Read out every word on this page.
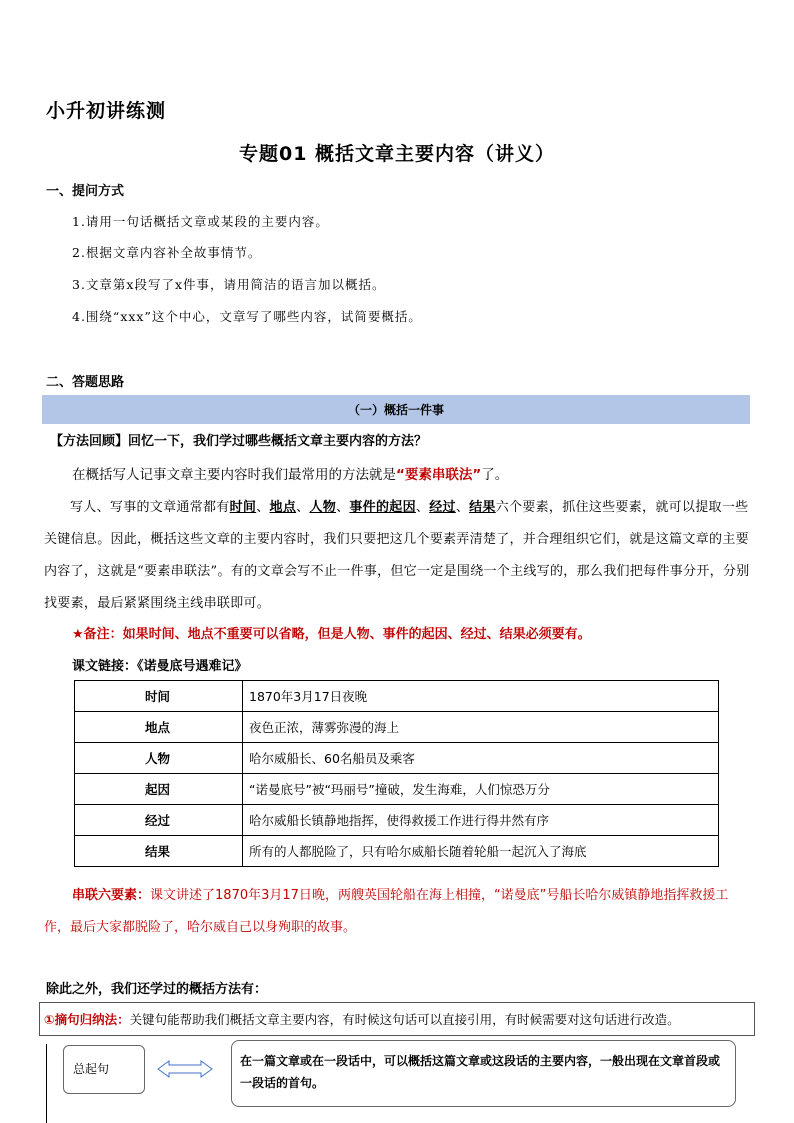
小升初讲练测
专题01 概括文章主要内容（讲义）
一、提问方式
1.请用一句话概括文章或某段的主要内容。
2.根据文章内容补全故事情节。
3.文章第x段写了x件事，请用简洁的语言加以概括。
4.围绕“xxx”这个中心，文章写了哪些内容，试简要概括。
二、答题思路
（一）概括一件事
【方法回顾】回忆一下，我们学过哪些概括文章主要内容的方法？
在概括写人记事文章主要内容时我们最常用的方法就是“要素串联法”了。
写人、写事的文章通常都有时间、地点、人物、事件的起因、经过、结果六个要素，抓住这些要素，就可以提取一些关键信息。因此，概括这些文章的主要内容时，我们只要把这几个要素弄清楚了，并合理组织它们，就是这篇文章的主要内容了，这就是“要素串联法”。有的文章会写不止一件事，但它一定是围绕一个主线写的，那么我们把每件事分开，分别找要素，最后紧紧围绕主线串联即可。
★备注：如果时间、地点不重要可以省略，但是人物、事件的起因、经过、结果必须要有。
课文链接：《诺曼底号遇难记》
时间	1870年3月17日夜晚
地点	夜色正浓，薄雾弥漫的海上
人物	哈尔威船长、60名船员及乘客
起因	“诺曼底号”被“玛丽号”撞破，发生海难，人们惊恐万分
经过	哈尔威船长镇静地指挥，使得救援工作进行得井然有序
结果	所有的人都脱险了，只有哈尔威船长随着轮船一起沉入了海底
串联六要素：课文讲述了1870年3月17日晚，两艘英国轮船在海上相撞，“诺曼底”号船长哈尔威镇静地指挥救援工作，最后大家都脱险了，哈尔威自己以身殉职的故事。
除此之外，我们还学过的概括方法有：
①摘句归纳法：关键句能帮助我们概括文章主要内容，有时候这句话可以直接引用，有时候需要对这句话进行改造。
总起句
在一篇文章或在一段话中，可以概括这篇文章或这段话的主要内容，一般出现在文章首段或一段话的首句。
